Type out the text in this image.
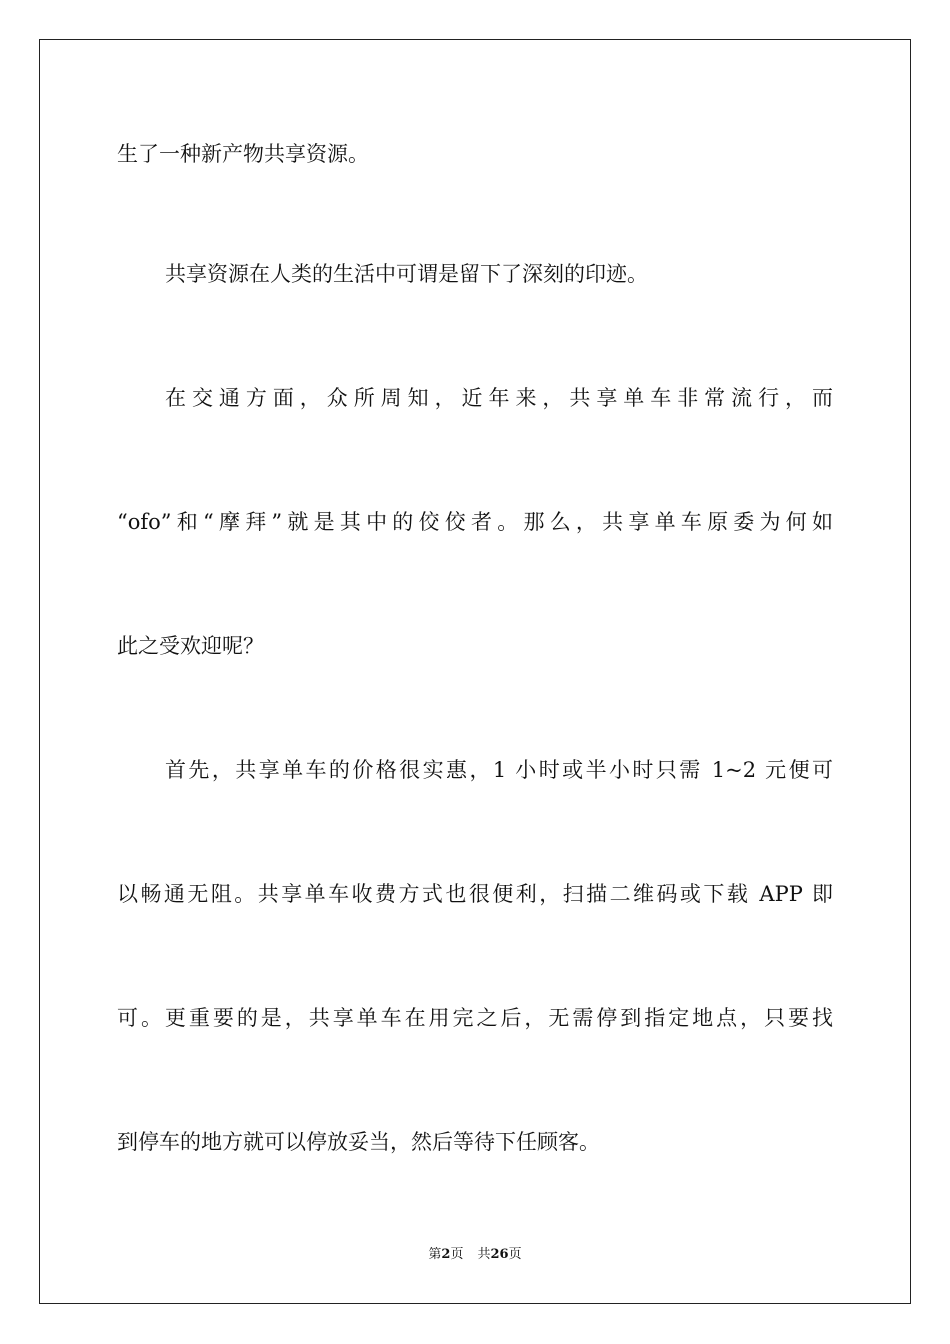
生了一种新产物共享资源。
共享资源在人类的生活中可谓是留下了深刻的印迹。
在交通方面，众所周知，近年来，共享单车非常流行，而
“ofo”和“摩拜”就是其中的佼佼者。那么，共享单车原委为何如
此之受欢迎呢？
首先，共享单车的价格很实惠，1 小时或半小时只需 1~2 元便可
以畅通无阻。共享单车收费方式也很便利，扫描二维码或下载 APP 即
可。更重要的是，共享单车在用完之后，无需停到指定地点，只要找
到停车的地方就可以停放妥当，然后等待下任顾客。
第2页 共26页
